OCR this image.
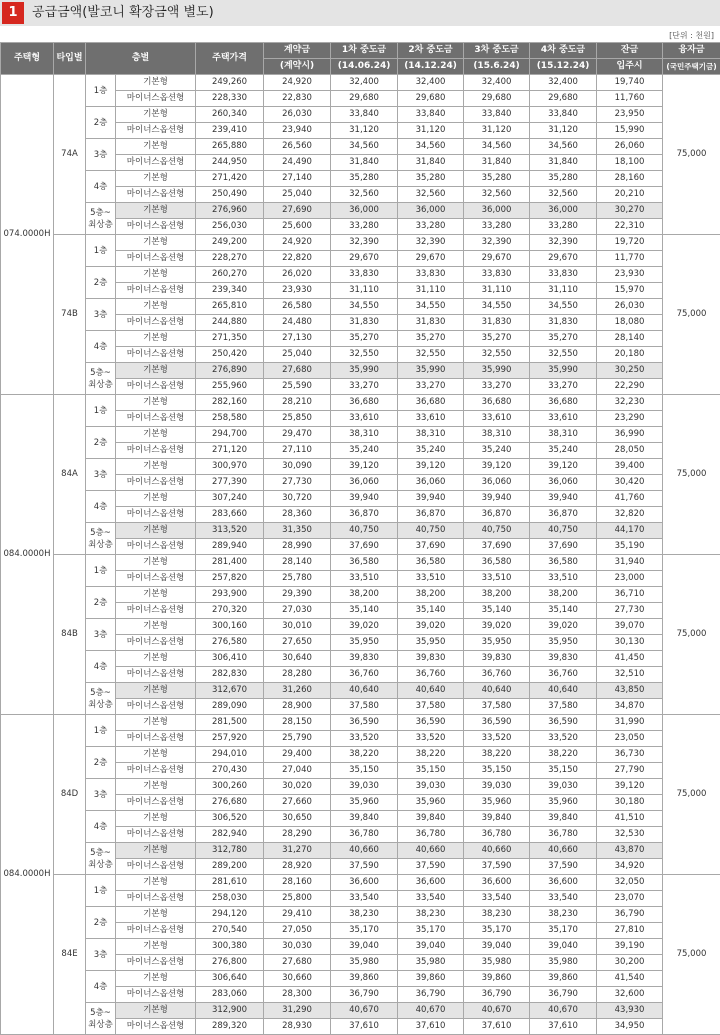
1	공급금액(발코니 확장금액 별도)
[단위 : 천원]
주택형	타입별	층별		주택가격	계약금	1차 중도금	2차 중도금	3차 중도금	4차 중도금	잔금	융자금
					(계약시)	(14.06.24)	(14.12.24)	(15.6.24)	(15.12.24)	입주시	(국민주택기금)
074.0000H	74A	1층	기본형	249,260	24,920	32,400	32,400	32,400	32,400	19,740	75,000
			마이너스옵션형	228,330	22,830	29,680	29,680	29,680	29,680	11,760	
		2층	기본형	260,340	26,030	33,840	33,840	33,840	33,840	23,950	
			마이너스옵션형	239,410	23,940	31,120	31,120	31,120	31,120	15,990	
		3층	기본형	265,880	26,560	34,560	34,560	34,560	34,560	26,060	
			마이너스옵션형	244,950	24,490	31,840	31,840	31,840	31,840	18,100	
		4층	기본형	271,420	27,140	35,280	35,280	35,280	35,280	28,160	
			마이너스옵션형	250,490	25,040	32,560	32,560	32,560	32,560	20,210	

		5층~
최상층	기본형	276,960	27,690	36,000	36,000	36,000	36,000	30,270	
			마이너스옵션형	256,030	25,600	33,280	33,280	33,280	33,280	22,310	
	74B	1층	기본형	249,200	24,920	32,390	32,390	32,390	32,390	19,720	75,000
			마이너스옵션형	228,270	22,820	29,670	29,670	29,670	29,670	11,770	
		2층	기본형	260,270	26,020	33,830	33,830	33,830	33,830	23,930	
			마이너스옵션형	239,340	23,930	31,110	31,110	31,110	31,110	15,970	
		3층	기본형	265,810	26,580	34,550	34,550	34,550	34,550	26,030	
			마이너스옵션형	244,880	24,480	31,830	31,830	31,830	31,830	18,080	
		4층	기본형	271,350	27,130	35,270	35,270	35,270	35,270	28,140	
			마이너스옵션형	250,420	25,040	32,550	32,550	32,550	32,550	20,180	

		5층~
최상층	기본형	276,890	27,680	35,990	35,990	35,990	35,990	30,250	
			마이너스옵션형	255,960	25,590	33,270	33,270	33,270	33,270	22,290	
084.0000H	84A	1층	기본형	282,160	28,210	36,680	36,680	36,680	36,680	32,230	75,000
			마이너스옵션형	258,580	25,850	33,610	33,610	33,610	33,610	23,290	
		2층	기본형	294,700	29,470	38,310	38,310	38,310	38,310	36,990	
			마이너스옵션형	271,120	27,110	35,240	35,240	35,240	35,240	28,050	
		3층	기본형	300,970	30,090	39,120	39,120	39,120	39,120	39,400	
			마이너스옵션형	277,390	27,730	36,060	36,060	36,060	36,060	30,420	
		4층	기본형	307,240	30,720	39,940	39,940	39,940	39,940	41,760	
			마이너스옵션형	283,660	28,360	36,870	36,870	36,870	36,870	32,820	

		5층~
최상층	기본형	313,520	31,350	40,750	40,750	40,750	40,750	44,170	
			마이너스옵션형	289,940	28,990	37,690	37,690	37,690	37,690	35,190	
	84B	1층	기본형	281,400	28,140	36,580	36,580	36,580	36,580	31,940	75,000
			마이너스옵션형	257,820	25,780	33,510	33,510	33,510	33,510	23,000	
		2층	기본형	293,900	29,390	38,200	38,200	38,200	38,200	36,710	
			마이너스옵션형	270,320	27,030	35,140	35,140	35,140	35,140	27,730	
		3층	기본형	300,160	30,010	39,020	39,020	39,020	39,020	39,070	
			마이너스옵션형	276,580	27,650	35,950	35,950	35,950	35,950	30,130	
		4층	기본형	306,410	30,640	39,830	39,830	39,830	39,830	41,450	
			마이너스옵션형	282,830	28,280	36,760	36,760	36,760	36,760	32,510	

		5층~
최상층	기본형	312,670	31,260	40,640	40,640	40,640	40,640	43,850	
			마이너스옵션형	289,090	28,900	37,580	37,580	37,580	37,580	34,870	
084.0000H	84D	1층	기본형	281,500	28,150	36,590	36,590	36,590	36,590	31,990	75,000
			마이너스옵션형	257,920	25,790	33,520	33,520	33,520	33,520	23,050	
		2층	기본형	294,010	29,400	38,220	38,220	38,220	38,220	36,730	
			마이너스옵션형	270,430	27,040	35,150	35,150	35,150	35,150	27,790	
		3층	기본형	300,260	30,020	39,030	39,030	39,030	39,030	39,120	
			마이너스옵션형	276,680	27,660	35,960	35,960	35,960	35,960	30,180	
		4층	기본형	306,520	30,650	39,840	39,840	39,840	39,840	41,510	
			마이너스옵션형	282,940	28,290	36,780	36,780	36,780	36,780	32,530	

		5층~
최상층	기본형	312,780	31,270	40,660	40,660	40,660	40,660	43,870	
			마이너스옵션형	289,200	28,920	37,590	37,590	37,590	37,590	34,920	
	84E	1층	기본형	281,610	28,160	36,600	36,600	36,600	36,600	32,050	75,000
			마이너스옵션형	258,030	25,800	33,540	33,540	33,540	33,540	23,070	
		2층	기본형	294,120	29,410	38,230	38,230	38,230	38,230	36,790	
			마이너스옵션형	270,540	27,050	35,170	35,170	35,170	35,170	27,810	
		3층	기본형	300,380	30,030	39,040	39,040	39,040	39,040	39,190	
			마이너스옵션형	276,800	27,680	35,980	35,980	35,980	35,980	30,200	
		4층	기본형	306,640	30,660	39,860	39,860	39,860	39,860	41,540	
			마이너스옵션형	283,060	28,300	36,790	36,790	36,790	36,790	32,600	

		5층~
최상층	기본형	312,900	31,290	40,670	40,670	40,670	40,670	43,930	
			마이너스옵션형	289,320	28,930	37,610	37,610	37,610	37,610	34,950	
